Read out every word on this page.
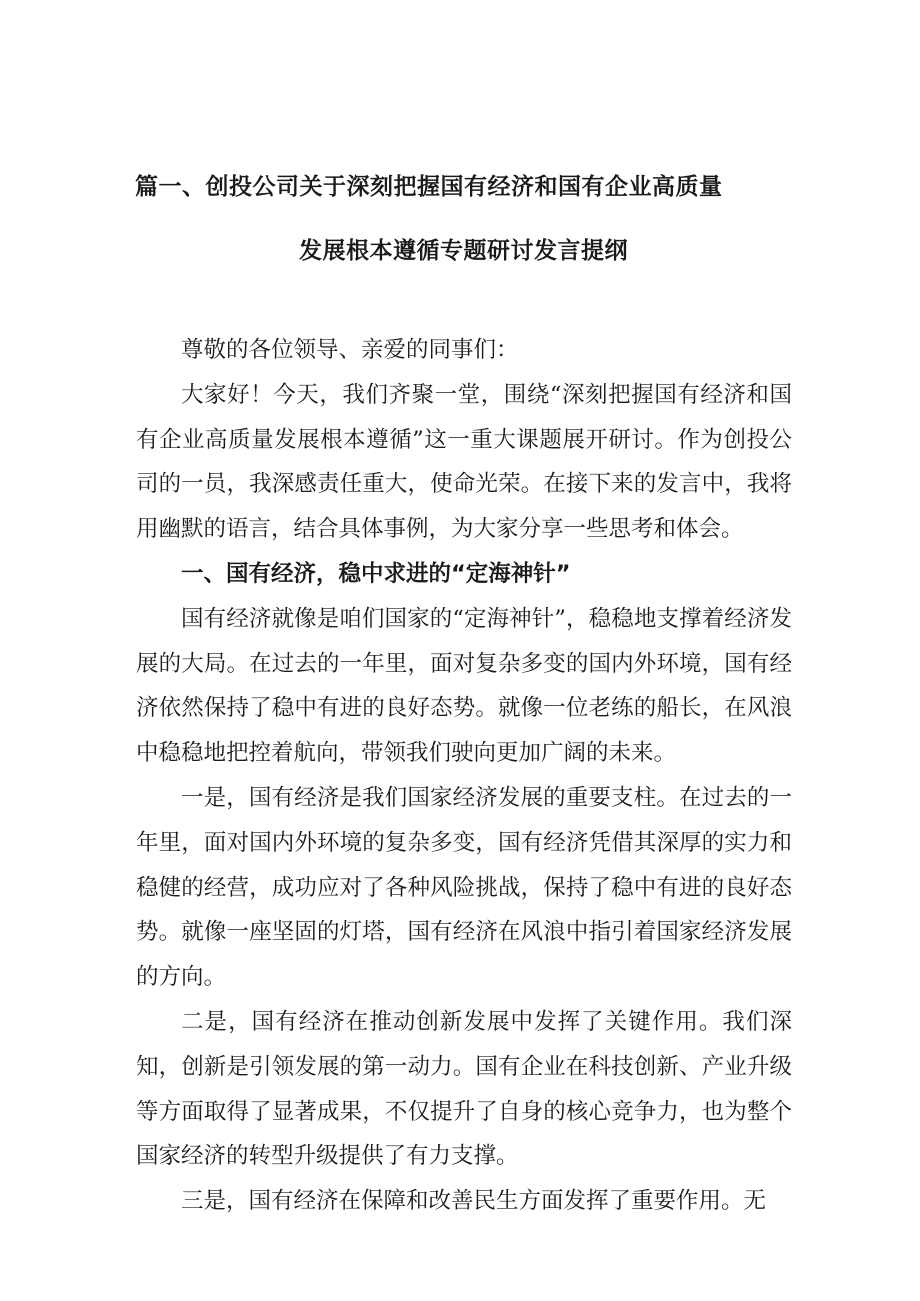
篇一、创投公司关于深刻把握国有经济和国有企业高质量
发展根本遵循专题研讨发言提纲

尊敬的各位领导、亲爱的同事们：

大家好！今天，我们齐聚一堂，围绕“深刻把握国有经济和国有企业高质量发展根本遵循”这一重大课题展开研讨。作为创投公司的一员，我深感责任重大，使命光荣。在接下来的发言中，我将用幽默的语言，结合具体事例，为大家分享一些思考和体会。

一、国有经济，稳中求进的“定海神针”

国有经济就像是咱们国家的“定海神针”，稳稳地支撑着经济发展的大局。在过去的一年里，面对复杂多变的国内外环境，国有经济依然保持了稳中有进的良好态势。就像一位老练的船长，在风浪中稳稳地把控着航向，带领我们驶向更加广阔的未来。

一是，国有经济是我们国家经济发展的重要支柱。在过去的一年里，面对国内外环境的复杂多变，国有经济凭借其深厚的实力和稳健的经营，成功应对了各种风险挑战，保持了稳中有进的良好态势。就像一座坚固的灯塔，国有经济在风浪中指引着国家经济发展的方向。

二是，国有经济在推动创新发展中发挥了关键作用。我们深知，创新是引领发展的第一动力。国有企业在科技创新、产业升级等方面取得了显著成果，不仅提升了自身的核心竞争力，也为整个国家经济的转型升级提供了有力支撑。

三是，国有经济在保障和改善民生方面发挥了重要作用。无
